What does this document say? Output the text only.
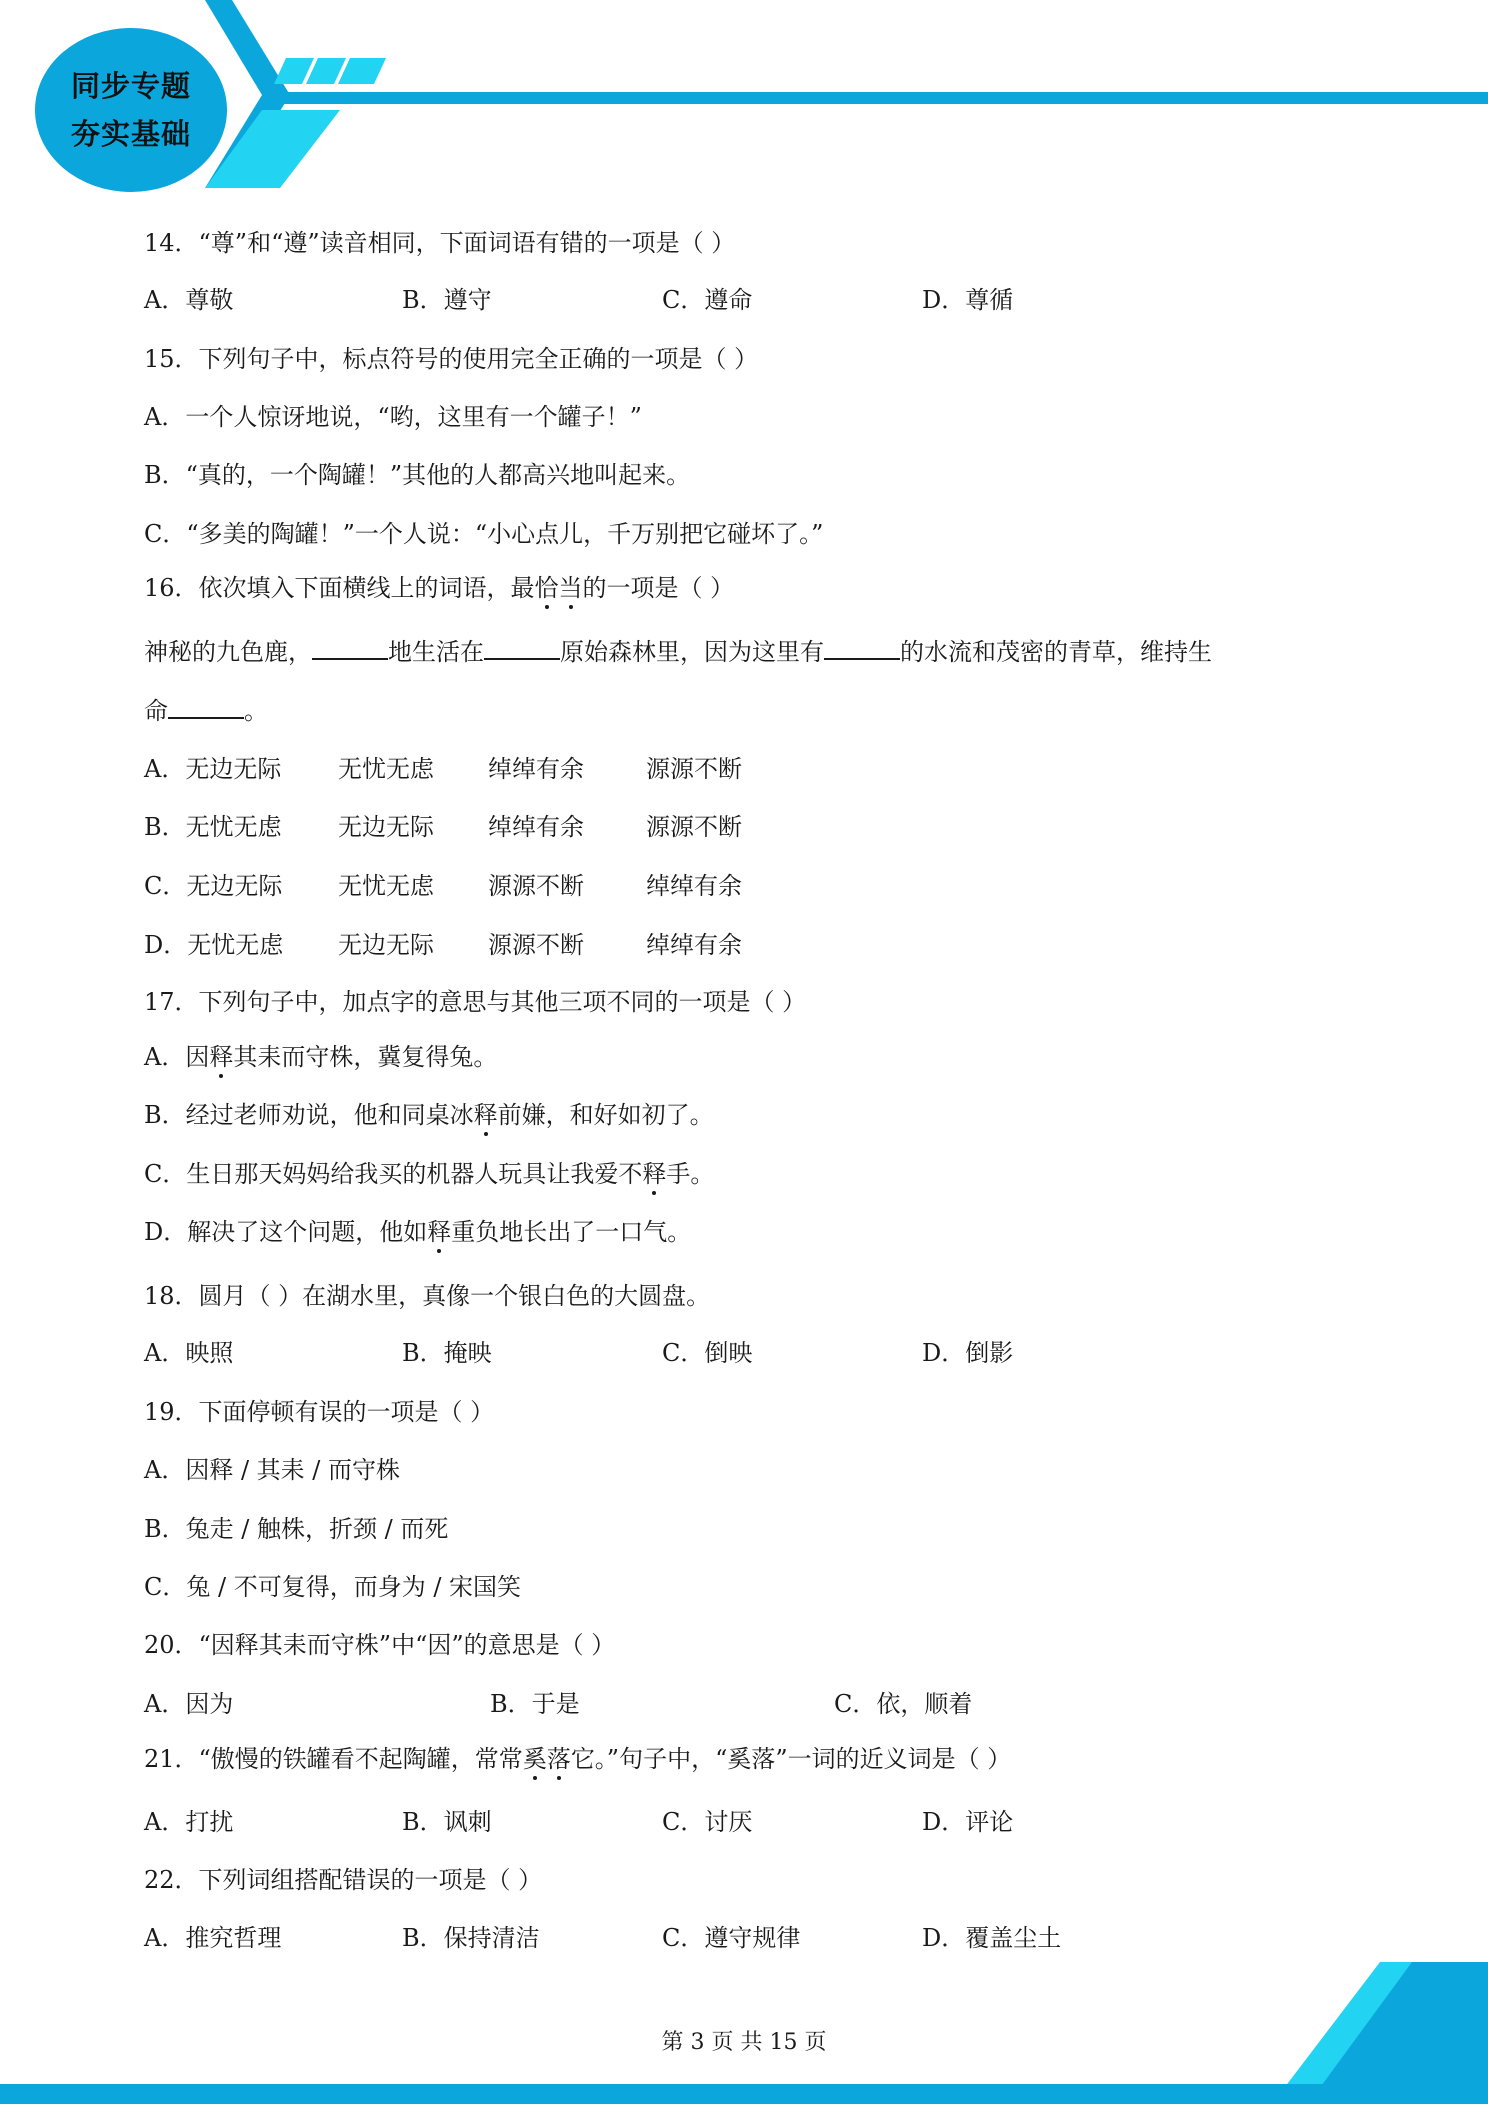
同步专题
夯实基础
14．“尊”和“遵”读音相同，下面词语有错的一项是（ ）
A．尊敬	B．遵守	C．遵命	D．尊循
15．下列句子中，标点符号的使用完全正确的一项是（ ）
A．一个人惊讶地说，“哟，这里有一个罐子！”
B．“真的，一个陶罐！”其他的人都高兴地叫起来。
C．“多美的陶罐！”一个人说：“小心点儿，千万别把它碰坏了。”
16．依次填入下面横线上的词语，最恰当的一项是（ ）
神秘的九色鹿，	地生活在	原始森林里，因为这里有	的水流和茂密的青草，维持生
命	。
A．无边无际 无忧无虑 绰绰有余	源源不断
B．无忧无虑 无边无际 绰绰有余	源源不断
C．无边无际 无忧无虑 源源不断	绰绰有余
D．无忧无虑 无边无际 源源不断	绰绰有余
17．下列句子中，加点字的意思与其他三项不同的一项是（ ）
A．因释其耒而守株，冀复得兔。
B．经过老师劝说，他和同桌冰释前嫌，和好如初了。
C．生日那天妈妈给我买的机器人玩具让我爱不释手。
D．解决了这个问题，他如释重负地长出了一口气。
18．圆月（ ）在湖水里，真像一个银白色的大圆盘。
A．映照	B．掩映	C．倒映	D．倒影
19．下面停顿有误的一项是（ ）
A．因释 / 其耒 / 而守株
B．兔走 / 触株，折颈 / 而死
C．兔 / 不可复得，而身为 / 宋国笑
20．“因释其耒而守株”中“因”的意思是（ ）
A．因为	B．于是	C．依，顺着
21．“傲慢的铁罐看不起陶罐，常常奚落它。”句子中，“奚落”一词的近义词是（ ）
A．打扰	B．讽刺	C．讨厌	D．评论
22．下列词组搭配错误的一项是（ ）
A．推究哲理	B．保持清洁	C．遵守规律	D．覆盖尘土
第 3 页 共 15 页
